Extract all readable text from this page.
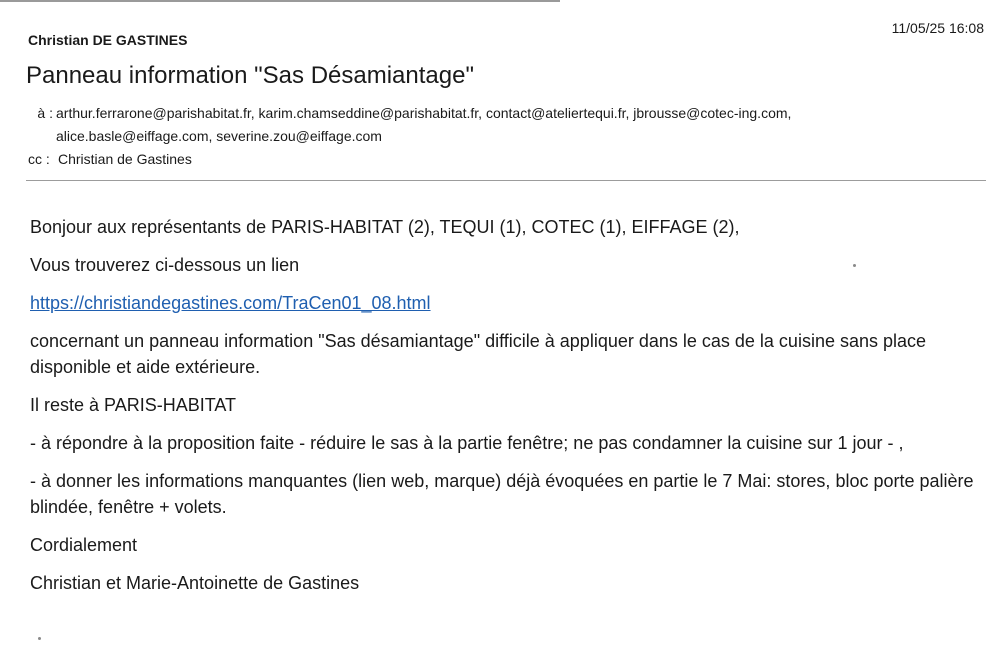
Christian DE GASTINES
11/05/25 16:08
Panneau information "Sas Désamiantage"
à : arthur.ferrarone@parishabitat.fr, karim.chamseddine@parishabitat.fr, contact@ateliertequi.fr, jbrousse@cotec-ing.com, alice.basle@eiffage.com, severine.zou@eiffage.com
cc : Christian de Gastines

Bonjour aux représentants de PARIS-HABITAT (2), TEQUI (1), COTEC (1), EIFFAGE (2),

Vous trouverez ci-dessous un lien

https://christiandegastines.com/TraCen01_08.html

concernant un panneau information "Sas désamiantage" difficile à appliquer dans le cas de la cuisine sans place disponible et aide extérieure.

Il reste à PARIS-HABITAT

- à répondre à la proposition faite - réduire le sas à la partie fenêtre; ne pas condamner la cuisine sur 1 jour - ,

- à donner les informations manquantes (lien web, marque) déjà évoquées en partie le 7 Mai: stores, bloc porte palière blindée, fenêtre + volets.

Cordialement

Christian et Marie-Antoinette de Gastines
